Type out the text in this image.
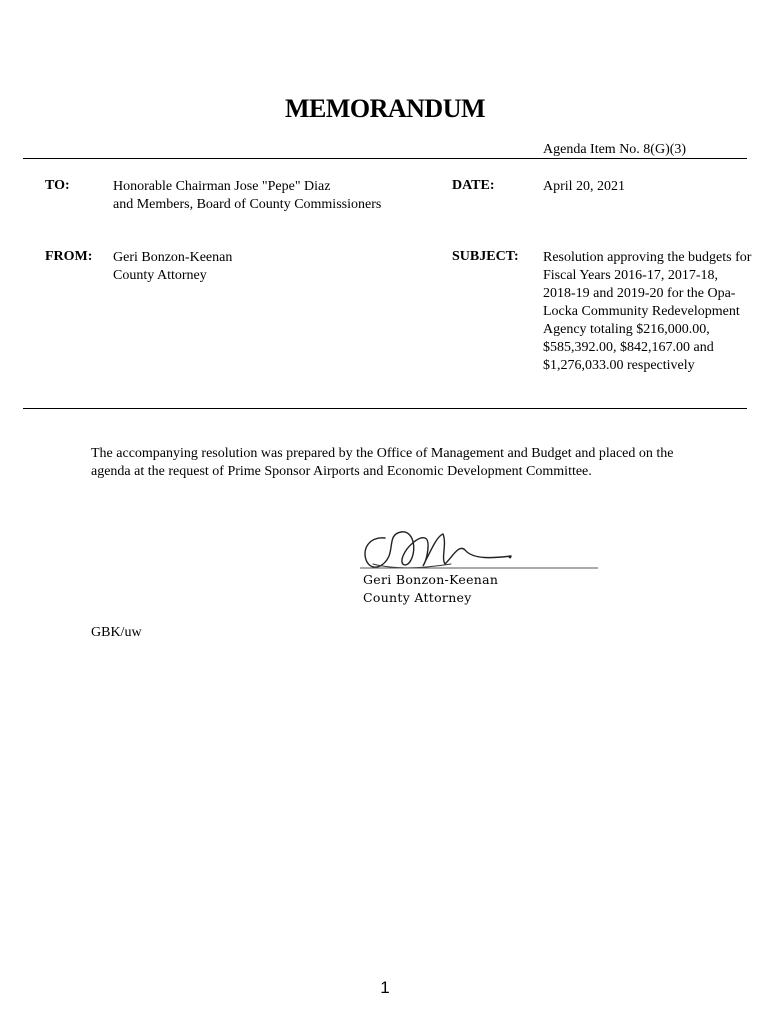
MEMORANDUM
Agenda Item No. 8(G)(3)
TO:	Honorable Chairman Jose "Pepe" Diaz
and Members, Board of County Commissioners
DATE:	April 20, 2021
FROM: Geri Bonzon-Keenan
County Attorney
SUBJECT: Resolution approving the budgets for Fiscal Years 2016-17, 2017-18, 2018-19 and 2019-20 for the Opa-Locka Community Redevelopment Agency totaling $216,000.00, $585,392.00, $842,167.00 and $1,276,033.00 respectively
The accompanying resolution was prepared by the Office of Management and Budget and placed on the agenda at the request of Prime Sponsor Airports and Economic Development Committee.
Geri Bonzon-Keenan
County Attorney
GBK/uw
1
